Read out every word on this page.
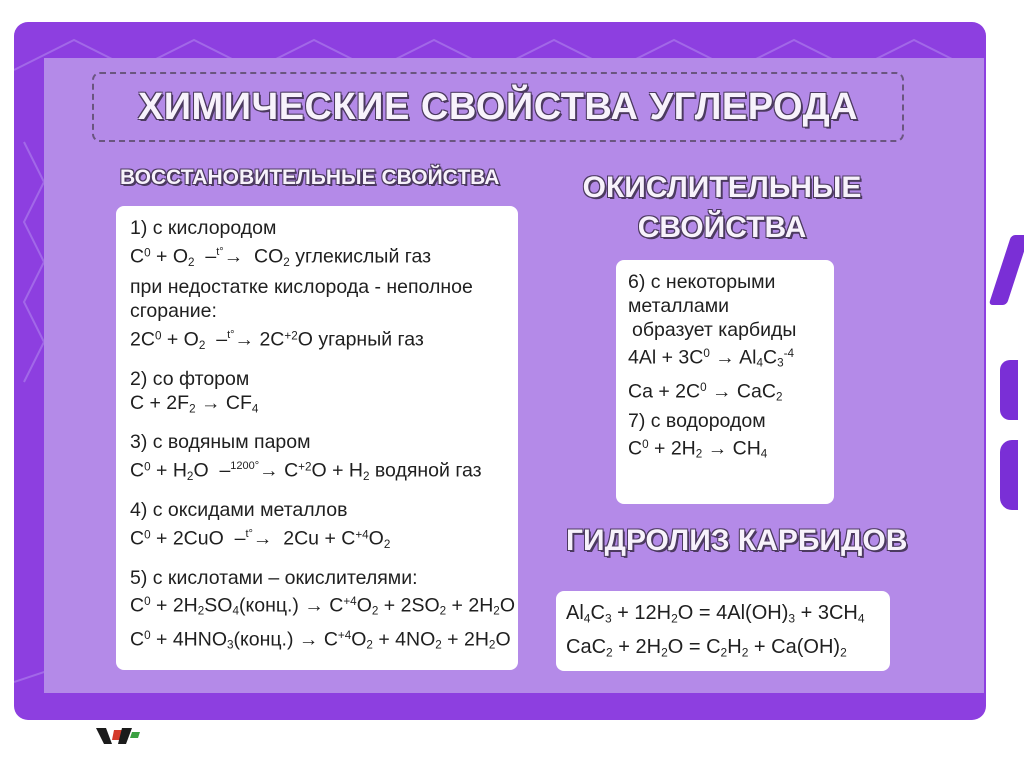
ХИМИЧЕСКИЕ СВОЙСТВА УГЛЕРОДА
ВОССТАНОВИТЕЛЬНЫЕ СВОЙСТВА	ОКИСЛИТЕЛЬНЫЕ
СВОЙСТВА
ГИДРОЛИЗ КАРБИДОВ
1) с кислородом
$C^0 + O_2$  $-^{t^\circ}\to CO_2$ углекислый газ
при недостатке кислорода - неполное
сгорание:
$2C^0 + O_2$  $-^{t^\circ}\to 2C^{+2}O$ угарный газ
2) со фтором
$C + 2F_2 \to CF_4$
3) с водяным паром
$C^0 + H_2O$  $-^{1200^\circ}\to C^{+2}O + H_2$ водяной газ
4) с оксидами металлов
$C^0 + 2CuO$  $-^{t^\circ}\to 2Cu + C^{+4}O_2$
5) с кислотами – окислителями:
$C^0$ + $2H_2SO_4(конц.) \to C^{+4}O_2 + 2SO_2 + 2H_2O$
$C^0$ + $4HNO_3(конц.) \to C^{+4}O_2 + 4NO_2 + 2H_2O$
6) с некоторыми
металлами
образует карбиды
$4Al + 3C^0 \to Al_4C_3^{-4}$
$Ca + 2C^0 \to CaC_2$
7) с водородом
$C^0 + 2H_2 \to CH_4$
$Al_4C_3 + 12H_2O = 4Al(OH)_3 + 3CH_4$
$CaC_2 + 2H_2O = C_2H_2 + Ca(OH)_2$
